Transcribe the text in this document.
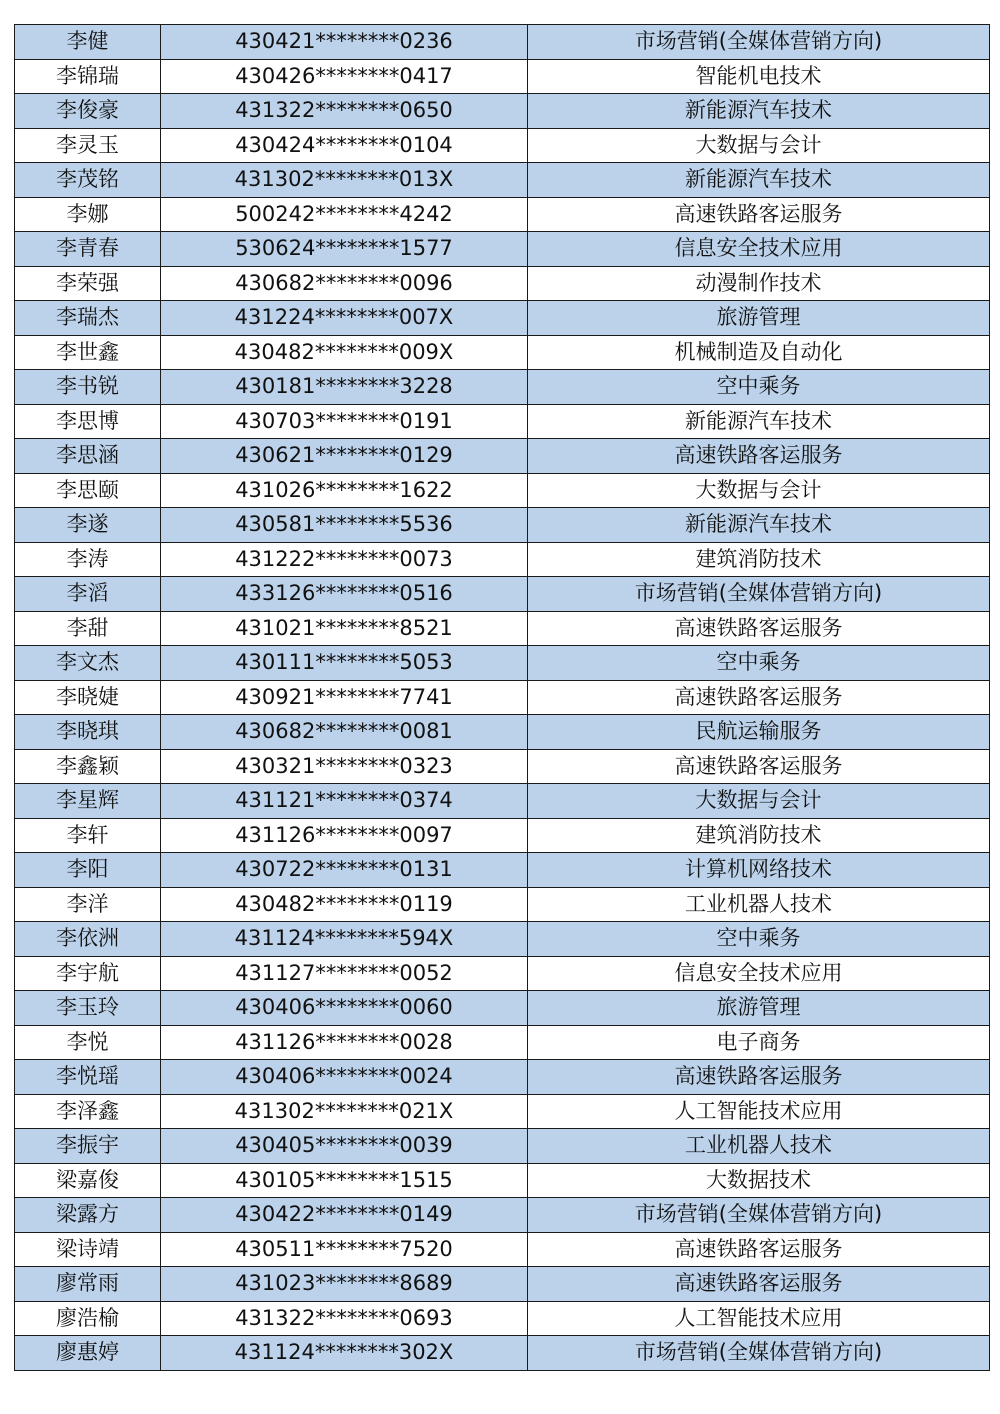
李健	430421********0236	市场营销(全媒体营销方向)
李锦瑞	430426********0417	智能机电技术
李俊豪	431322********0650	新能源汽车技术
李灵玉	430424********0104	大数据与会计
李茂铭	431302********013X	新能源汽车技术
李娜	500242********4242	高速铁路客运服务
李青春	530624********1577	信息安全技术应用
李荣强	430682********0096	动漫制作技术
李瑞杰	431224********007X	旅游管理
李世鑫	430482********009X	机械制造及自动化
李书锐	430181********3228	空中乘务
李思博	430703********0191	新能源汽车技术
李思涵	430621********0129	高速铁路客运服务
李思颐	431026********1622	大数据与会计
李遂	430581********5536	新能源汽车技术
李涛	431222********0073	建筑消防技术
李滔	433126********0516	市场营销(全媒体营销方向)
李甜	431021********8521	高速铁路客运服务
李文杰	430111********5053	空中乘务
李晓婕	430921********7741	高速铁路客运服务
李晓琪	430682********0081	民航运输服务
李鑫颖	430321********0323	高速铁路客运服务
李星辉	431121********0374	大数据与会计
李轩	431126********0097	建筑消防技术
李阳	430722********0131	计算机网络技术
李洋	430482********0119	工业机器人技术
李依洲	431124********594X	空中乘务
李宇航	431127********0052	信息安全技术应用
李玉玲	430406********0060	旅游管理
李悦	431126********0028	电子商务
李悦瑶	430406********0024	高速铁路客运服务
李泽鑫	431302********021X	人工智能技术应用
李振宇	430405********0039	工业机器人技术
梁嘉俊	430105********1515	大数据技术
梁露方	430422********0149	市场营销(全媒体营销方向)
梁诗靖	430511********7520	高速铁路客运服务
廖常雨	431023********8689	高速铁路客运服务
廖浩榆	431322********0693	人工智能技术应用
廖惠婷	431124********302X	市场营销(全媒体营销方向)
